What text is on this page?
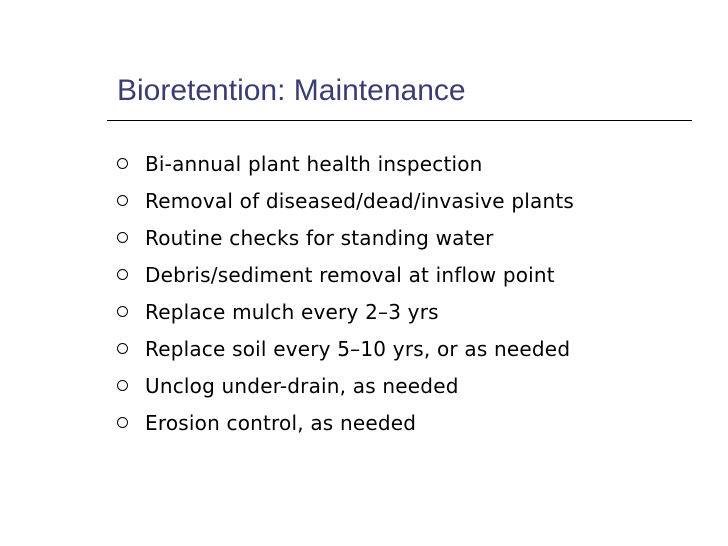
Bioretention: Maintenance
Bi-annual plant health inspection
Removal of diseased/dead/invasive plants
Routine checks for standing water
Debris/sediment removal at inflow point
Replace mulch every 2–3 yrs
Replace soil every 5–10 yrs, or as needed
Unclog under-drain, as needed
Erosion control, as needed
